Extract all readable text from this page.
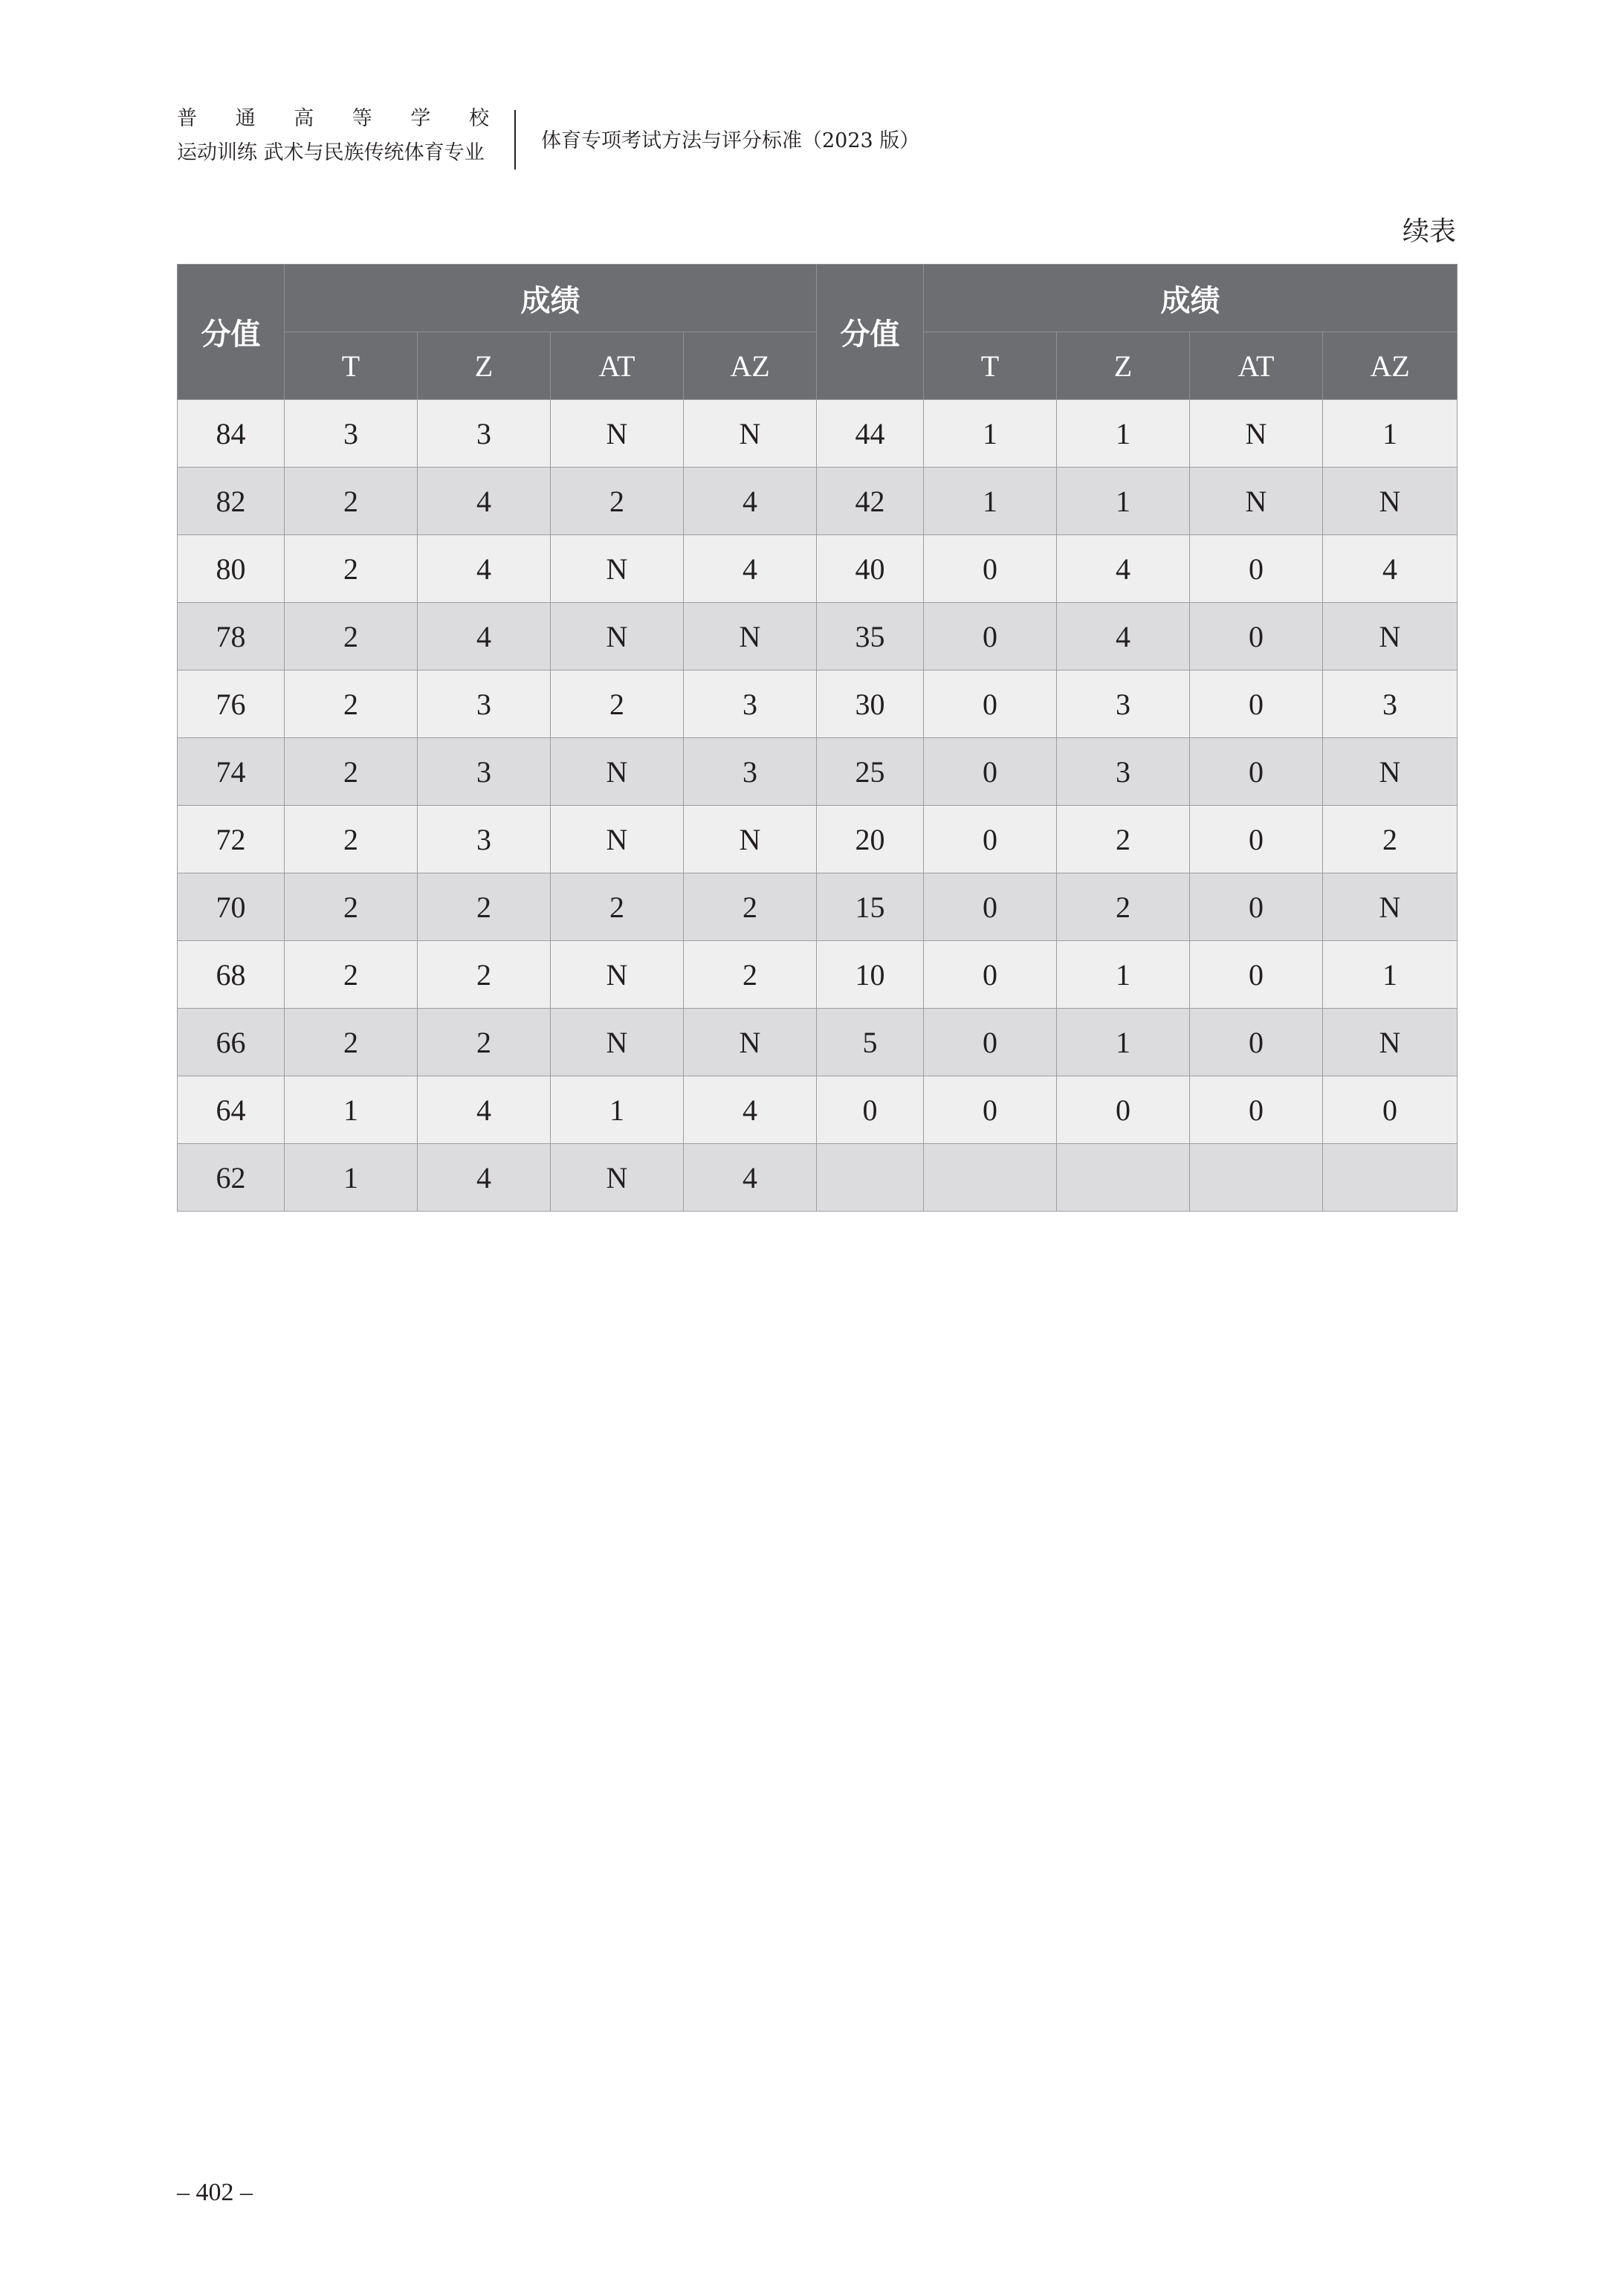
普 通 高 等 学 校
运动训练 武术与民族传统体育专业
体育专项考试方法与评分标准（2023 版）
续表
分值	成绩				分值	成绩			
	T	Z	AT	AZ		T	Z	AT	AZ
84	3	3	N	N	44	1	1	N	1
82	2	4	2	4	42	1	1	N	N
80	2	4	N	4	40	0	4	0	4
78	2	4	N	N	35	0	4	0	N
76	2	3	2	3	30	0	3	0	3
74	2	3	N	3	25	0	3	0	N
72	2	3	N	N	20	0	2	0	2
70	2	2	2	2	15	0	2	0	N
68	2	2	N	2	10	0	1	0	1
66	2	2	N	N	5	0	1	0	N
64	1	4	1	4	0	0	0	0	0
62	1	4	N	4					
– 402 –
